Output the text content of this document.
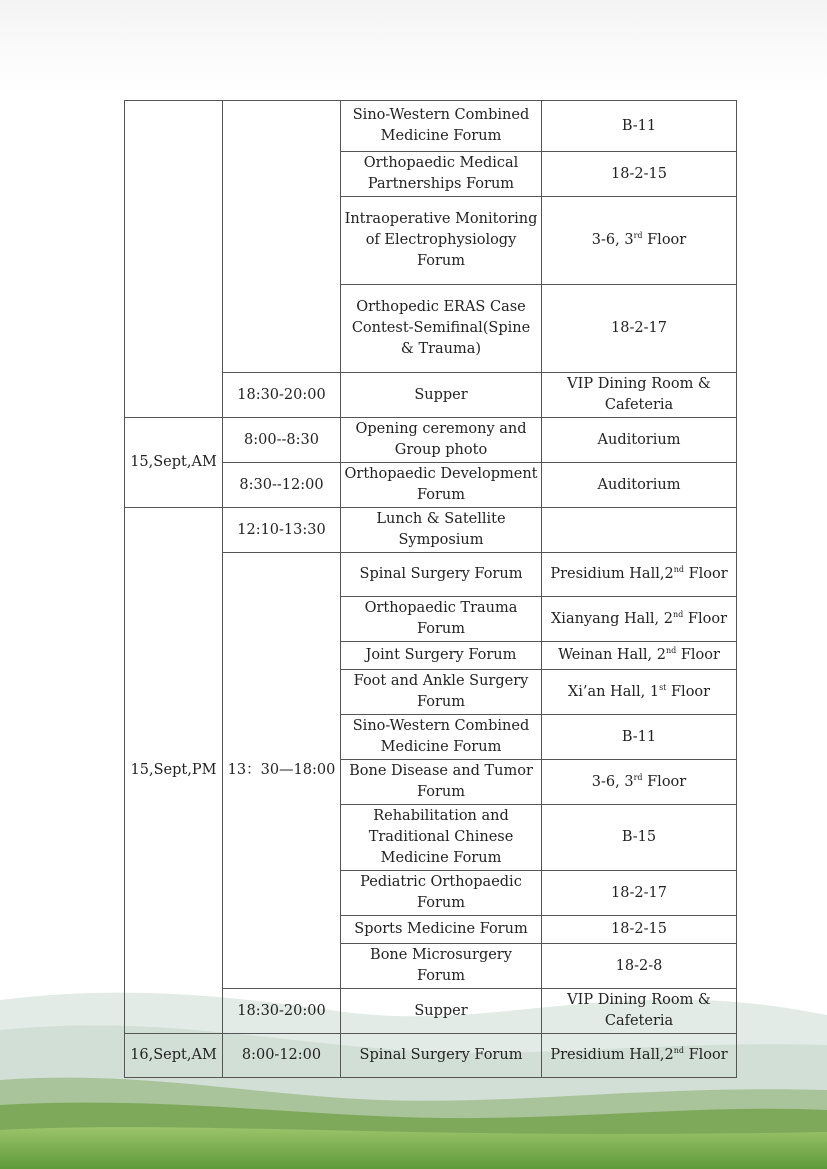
		Sino-Western Combined Medicine Forum	B-11
		Orthopaedic Medical Partnerships Forum	18-2-15
		Intraoperative Monitoring of Electrophysiology Forum	3-6, 3rd Floor
		Orthopedic ERAS Case Contest-Semifinal(Spine & Trauma)	18-2-17
	18:30-20:00	Supper	VIP Dining Room & Cafeteria
15,Sept,AM	8:00--8:30	Opening ceremony and Group photo	Auditorium
	8:30--12:00	Orthopaedic Development Forum	Auditorium
15,Sept,PM	12:10-13:30	Lunch & Satellite Symposium	
	13：30—18:00	Spinal Surgery Forum	Presidium Hall,2nd Floor
		Orthopaedic Trauma Forum	Xianyang Hall, 2nd Floor
		Joint Surgery Forum	Weinan Hall, 2nd Floor
		Foot and Ankle Surgery Forum	Xi’an Hall, 1st Floor
		Sino-Western Combined Medicine Forum	B-11
		Bone Disease and Tumor Forum	3-6, 3rd Floor
		Rehabilitation and Traditional Chinese Medicine Forum	B-15
		Pediatric Orthopaedic Forum	18-2-17
		Sports Medicine Forum	18-2-15
		Bone Microsurgery Forum	18-2-8
	18:30-20:00	Supper	VIP Dining Room & Cafeteria
16,Sept,AM	8:00-12:00	Spinal Surgery Forum	Presidium Hall,2nd Floor
